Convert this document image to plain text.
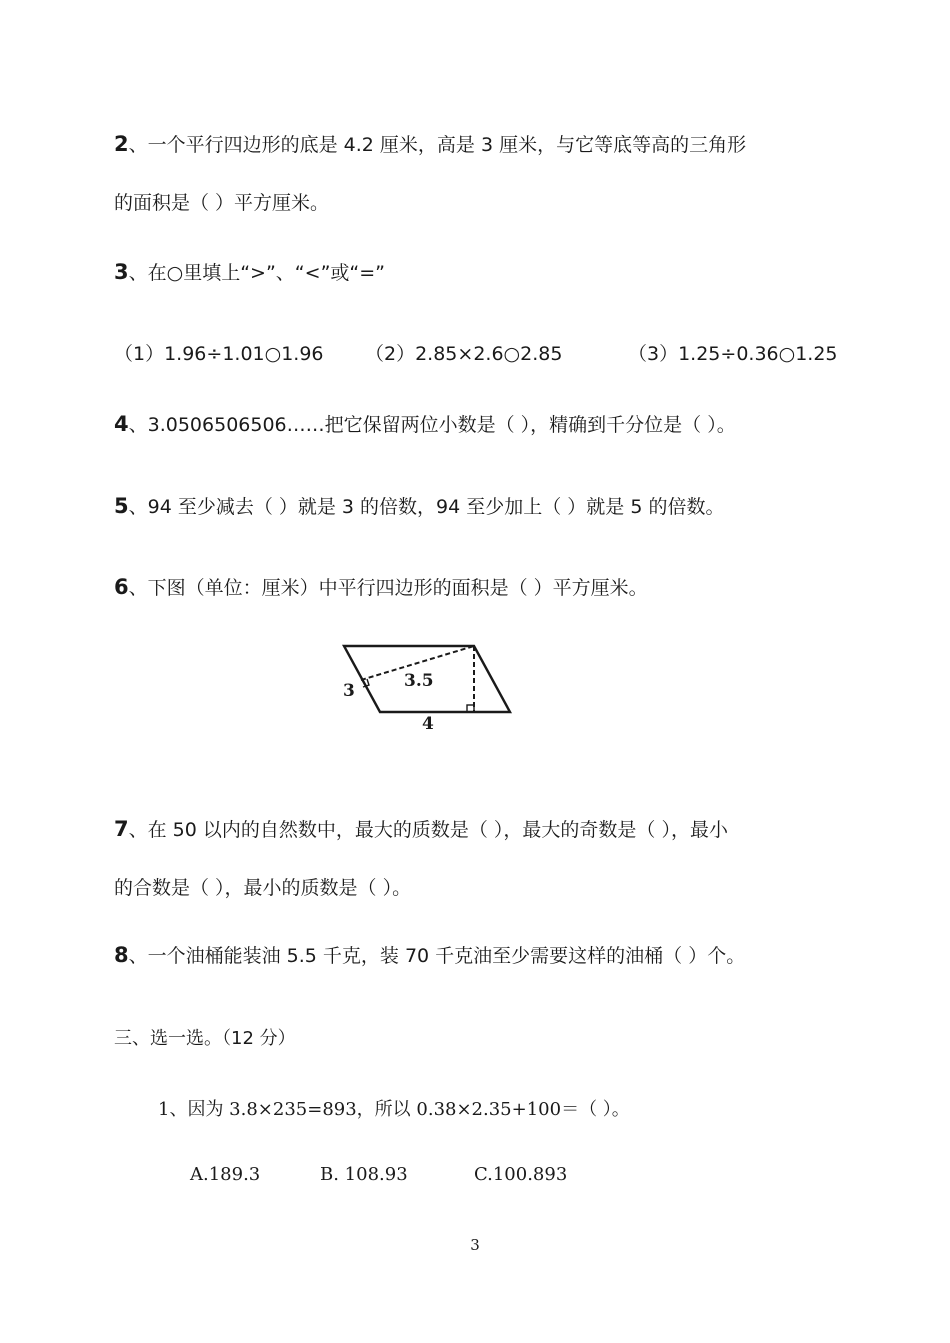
2、一个平行四边形的底是 4.2 厘米，高是 3 厘米，与它等底等高的三角形
的面积是（ ）平方厘米。
3、在○里填上“>”、“<”或“=”
（1）1.96÷1.01○1.96 （2）2.85×2.6○2.85	（3）1.25÷0.36○1.25
4、3.0506506506……把它保留两位小数是（ ），精确到千分位是（ ）。
5、94 至少减去（ ）就是 3 的倍数，94 至少加上（ ）就是 5 的倍数。
6、下图（单位：厘米）中平行四边形的面积是（ ）平方厘米。
3	3.5
4
7、在 50 以内的自然数中，最大的质数是（ ），最大的奇数是（ ），最小
的合数是（ ），最小的质数是（ ）。
8、一个油桶能装油 5.5 千克，装 70 千克油至少需要这样的油桶（ ）个。
三、选一选。（12 分）
1、因为 3.8×235=893，所以 0.38×2.35+100＝（ ）。
A.189.3	B. 108.93	C.100.893
3
